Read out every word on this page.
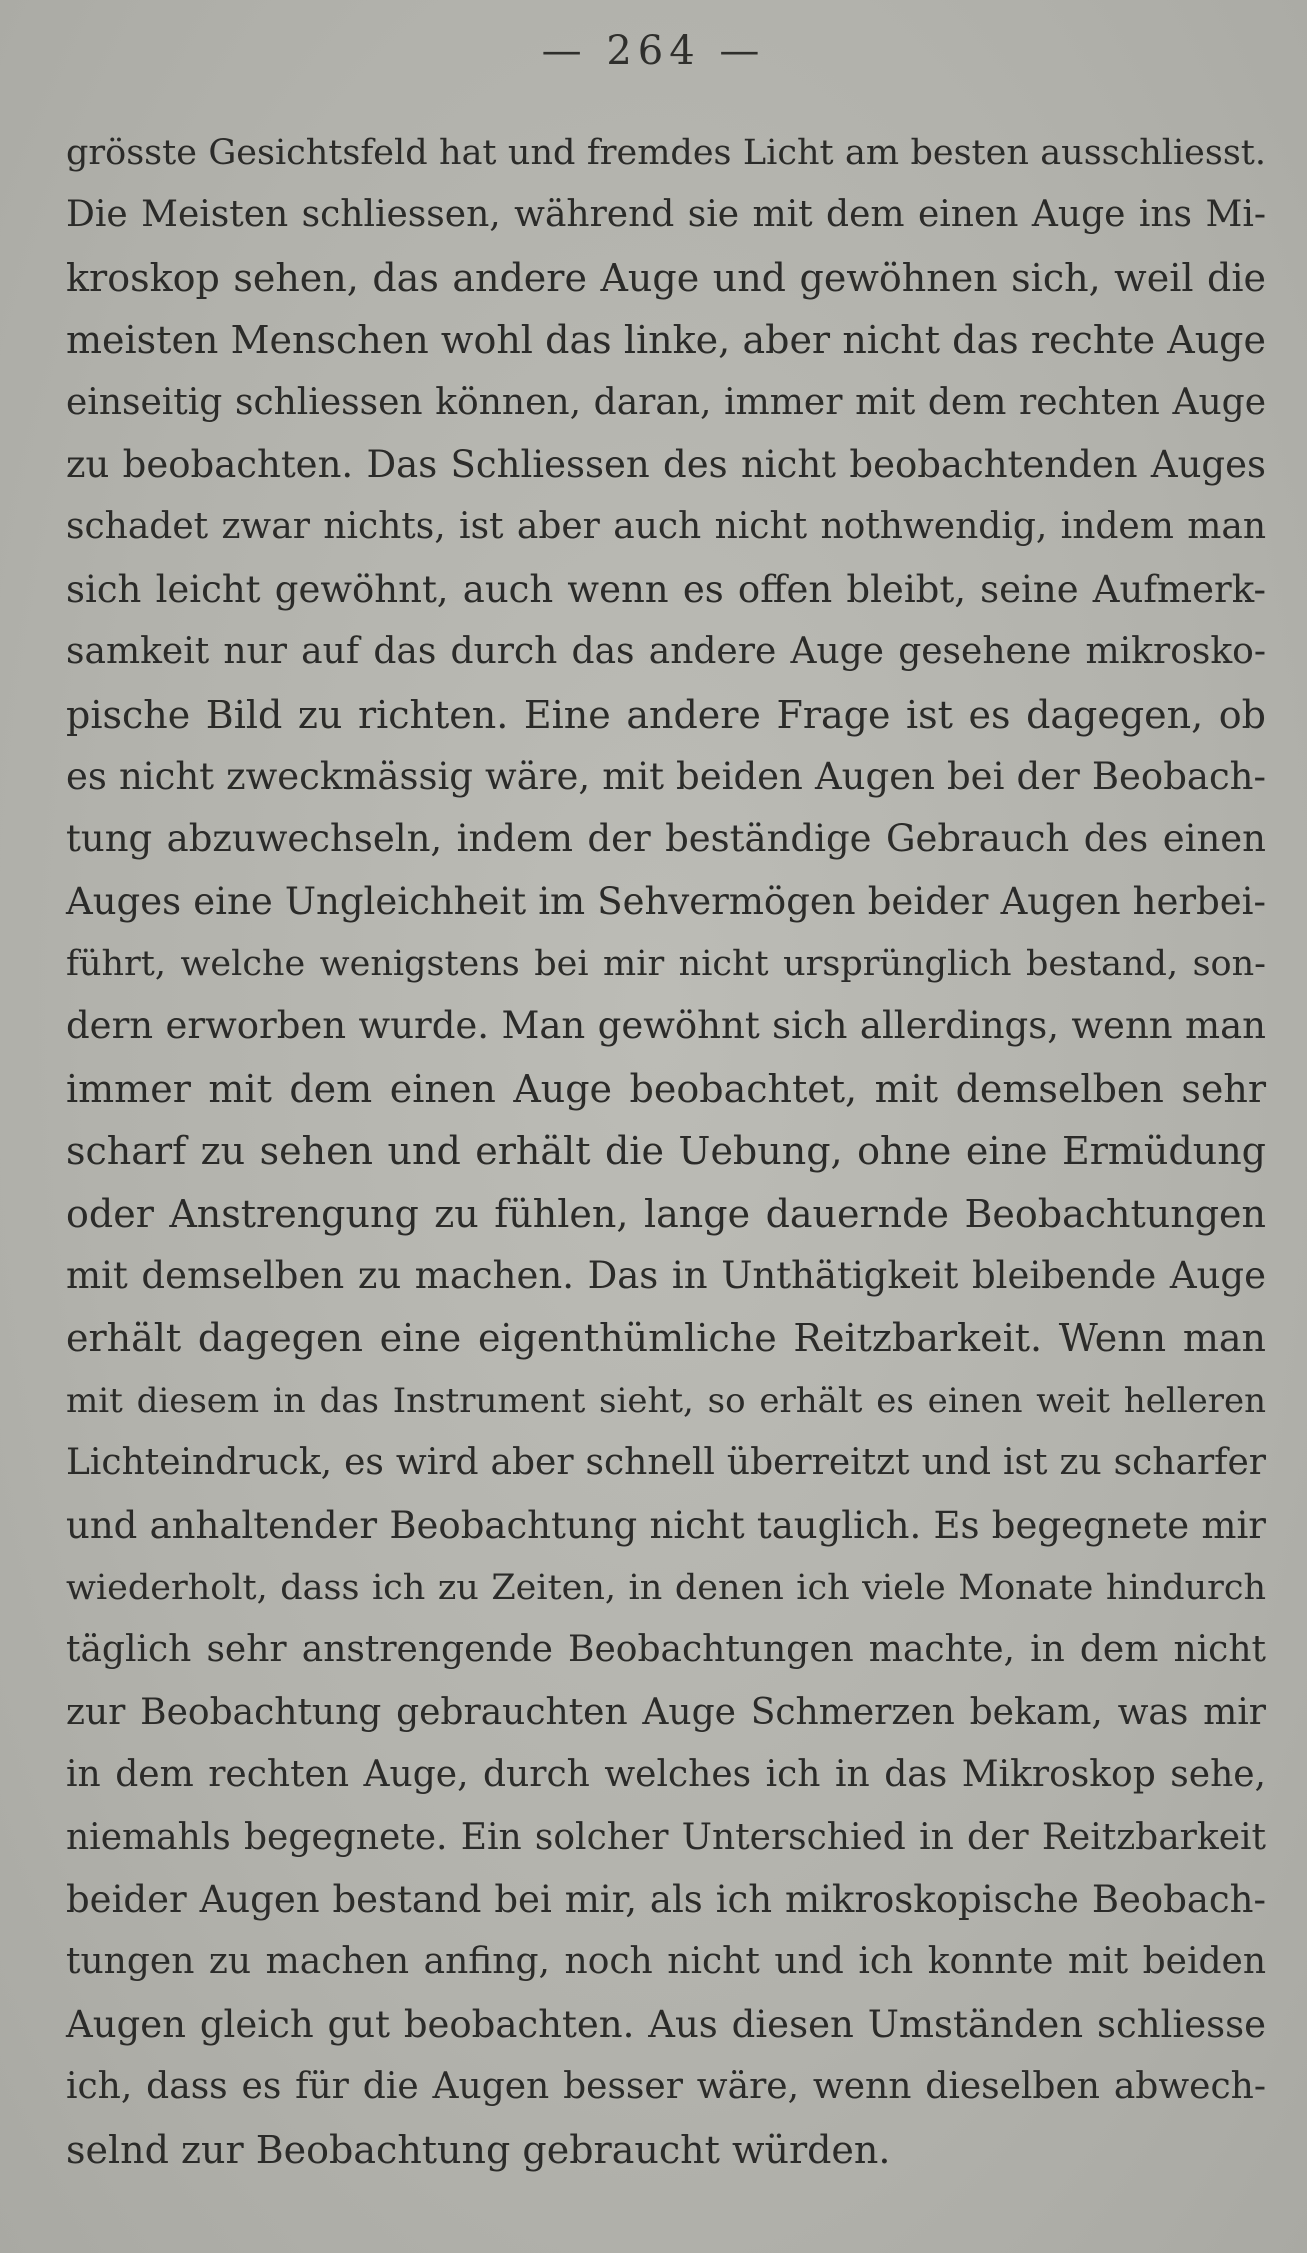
— 264 —
grösste Gesichtsfeld hat und fremdes Licht am besten ausschliesst.
Die Meisten schliessen, während sie mit dem einen Auge ins Mi-
kroskop sehen, das andere Auge und gewöhnen sich, weil die
meisten Menschen wohl das linke, aber nicht das rechte Auge
einseitig schliessen können, daran, immer mit dem rechten Auge
zu beobachten. Das Schliessen des nicht beobachtenden Auges
schadet zwar nichts, ist aber auch nicht nothwendig, indem man
sich leicht gewöhnt, auch wenn es offen bleibt, seine Aufmerk-
samkeit nur auf das durch das andere Auge gesehene mikrosko-
pische Bild zu richten. Eine andere Frage ist es dagegen, ob
es nicht zweckmässig wäre, mit beiden Augen bei der Beobach-
tung abzuwechseln, indem der beständige Gebrauch des einen
Auges eine Ungleichheit im Sehvermögen beider Augen herbei-
führt, welche wenigstens bei mir nicht ursprünglich bestand, son-
dern erworben wurde. Man gewöhnt sich allerdings, wenn man
immer mit dem einen Auge beobachtet, mit demselben sehr
scharf zu sehen und erhält die Uebung, ohne eine Ermüdung
oder Anstrengung zu fühlen, lange dauernde Beobachtungen
mit demselben zu machen. Das in Unthätigkeit bleibende Auge
erhält dagegen eine eigenthümliche Reitzbarkeit. Wenn man
mit diesem in das Instrument sieht, so erhält es einen weit helleren
Lichteindruck, es wird aber schnell überreitzt und ist zu scharfer
und anhaltender Beobachtung nicht tauglich. Es begegnete mir
wiederholt, dass ich zu Zeiten, in denen ich viele Monate hindurch
täglich sehr anstrengende Beobachtungen machte, in dem nicht
zur Beobachtung gebrauchten Auge Schmerzen bekam, was mir
in dem rechten Auge, durch welches ich in das Mikroskop sehe,
niemahls begegnete. Ein solcher Unterschied in der Reitzbarkeit
beider Augen bestand bei mir, als ich mikroskopische Beobach-
tungen zu machen anfing, noch nicht und ich konnte mit beiden
Augen gleich gut beobachten. Aus diesen Umständen schliesse
ich, dass es für die Augen besser wäre, wenn dieselben abwech-
selnd zur Beobachtung gebraucht würden.
